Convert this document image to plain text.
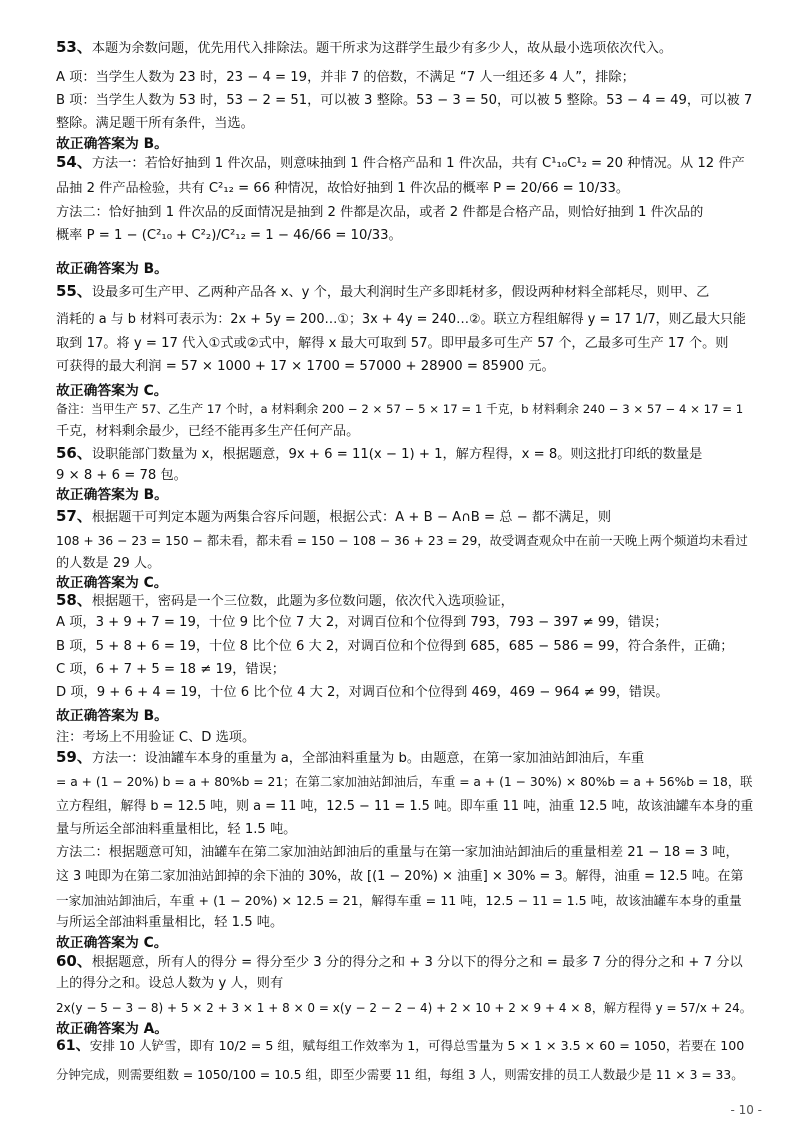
53、本题为余数问题，优先用代入排除法。题干所求为这群学生最少有多少人，故从最小选项依次代入。
A 项：当学生人数为 23 时，23 − 4 = 19，并非 7 的倍数，不满足 “7 人一组还多 4 人”，排除；
B 项：当学生人数为 53 时，53 − 2 = 51，可以被 3 整除。53 − 3 = 50，可以被 5 整除。53 − 4 = 49，可以被 7
整除。满足题干所有条件，当选。
故正确答案为 B。
54、方法一：若恰好抽到 1 件次品，则意味抽到 1 件合格产品和 1 件次品，共有 C¹₁₀C¹₂ = 20 种情况。从 12 件产
品抽 2 件产品检验，共有 C²₁₂ = 66 种情况，故恰好抽到 1 件次品的概率 P = 20/66 = 10/33。
方法二：恰好抽到 1 件次品的反面情况是抽到 2 件都是次品，或者 2 件都是合格产品，则恰好抽到 1 件次品的
概率 P = 1 − (C²₁₀ + C²₂)/C²₁₂ = 1 − 46/66 = 10/33。
故正确答案为 B。
55、设最多可生产甲、乙两种产品各 x、y 个，最大利润时生产多即耗材多，假设两种材料全部耗尽，则甲、乙
消耗的 a 与 b 材料可表示为：2x + 5y = 200…①；3x + 4y = 240…②。联立方程组解得 y = 17 1/7，则乙最大只能
取到 17。将 y = 17 代入①式或②式中，解得 x 最大可取到 57。即甲最多可生产 57 个，乙最多可生产 17 个。则
可获得的最大利润 = 57 × 1000 + 17 × 1700 = 57000 + 28900 = 85900 元。
故正确答案为 C。
备注：当甲生产 57、乙生产 17 个时，a 材料剩余 200 − 2 × 57 − 5 × 17 = 1 千克，b 材料剩余 240 − 3 × 57 − 4 × 17 = 1
千克，材料剩余最少，已经不能再多生产任何产品。
56、设职能部门数量为 x，根据题意，9x + 6 = 11(x − 1) + 1，解方程得，x = 8。则这批打印纸的数量是
9 × 8 + 6 = 78 包。
故正确答案为 B。
57、根据题干可判定本题为两集合容斥问题，根据公式：A + B − A∩B = 总 − 都不满足，则
108 + 36 − 23 = 150 − 都未看，都未看 = 150 − 108 − 36 + 23 = 29，故受调查观众中在前一天晚上两个频道均未看过
的人数是 29 人。
故正确答案为 C。
58、根据题干，密码是一个三位数，此题为多位数问题，依次代入选项验证，
A 项，3 + 9 + 7 = 19，十位 9 比个位 7 大 2，对调百位和个位得到 793，793 − 397 ≠ 99，错误；
B 项，5 + 8 + 6 = 19，十位 8 比个位 6 大 2，对调百位和个位得到 685，685 − 586 = 99，符合条件，正确；
C 项，6 + 7 + 5 = 18 ≠ 19，错误；
D 项，9 + 6 + 4 = 19，十位 6 比个位 4 大 2，对调百位和个位得到 469，469 − 964 ≠ 99，错误。
故正确答案为 B。
注：考场上不用验证 C、D 选项。
59、方法一：设油罐车本身的重量为 a，全部油料重量为 b。由题意，在第一家加油站卸油后，车重
= a + (1 − 20%) b = a + 80%b = 21；在第二家加油站卸油后，车重 = a + (1 − 30%) × 80%b = a + 56%b = 18，联
立方程组，解得 b = 12.5 吨，则 a = 11 吨，12.5 − 11 = 1.5 吨。即车重 11 吨，油重 12.5 吨，故该油罐车本身的重
量与所运全部油料重量相比，轻 1.5 吨。
方法二：根据题意可知，油罐车在第二家加油站卸油后的重量与在第一家加油站卸油后的重量相差 21 − 18 = 3 吨，
这 3 吨即为在第二家加油站卸掉的余下油的 30%，故 [(1 − 20%) × 油重] × 30% = 3。解得，油重 = 12.5 吨。在第
一家加油站卸油后，车重 + (1 − 20%) × 12.5 = 21，解得车重 = 11 吨，12.5 − 11 = 1.5 吨，故该油罐车本身的重量
与所运全部油料重量相比，轻 1.5 吨。
故正确答案为 C。
60、根据题意，所有人的得分 = 得分至少 3 分的得分之和 + 3 分以下的得分之和 = 最多 7 分的得分之和 + 7 分以
上的得分之和。设总人数为 y 人，则有
2x(y − 5 − 3 − 8) + 5 × 2 + 3 × 1 + 8 × 0 = x(y − 2 − 2 − 4) + 2 × 10 + 2 × 9 + 4 × 8，解方程得 y = 57/x + 24。
故正确答案为 A。
61、安排 10 人铲雪，即有 10/2 = 5 组，赋每组工作效率为 1，可得总雪量为 5 × 1 × 3.5 × 60 = 1050，若要在 100
分钟完成，则需要组数 = 1050/100 = 10.5 组，即至少需要 11 组，每组 3 人，则需安排的员工人数最少是 11 × 3 = 33。
- 10 -
